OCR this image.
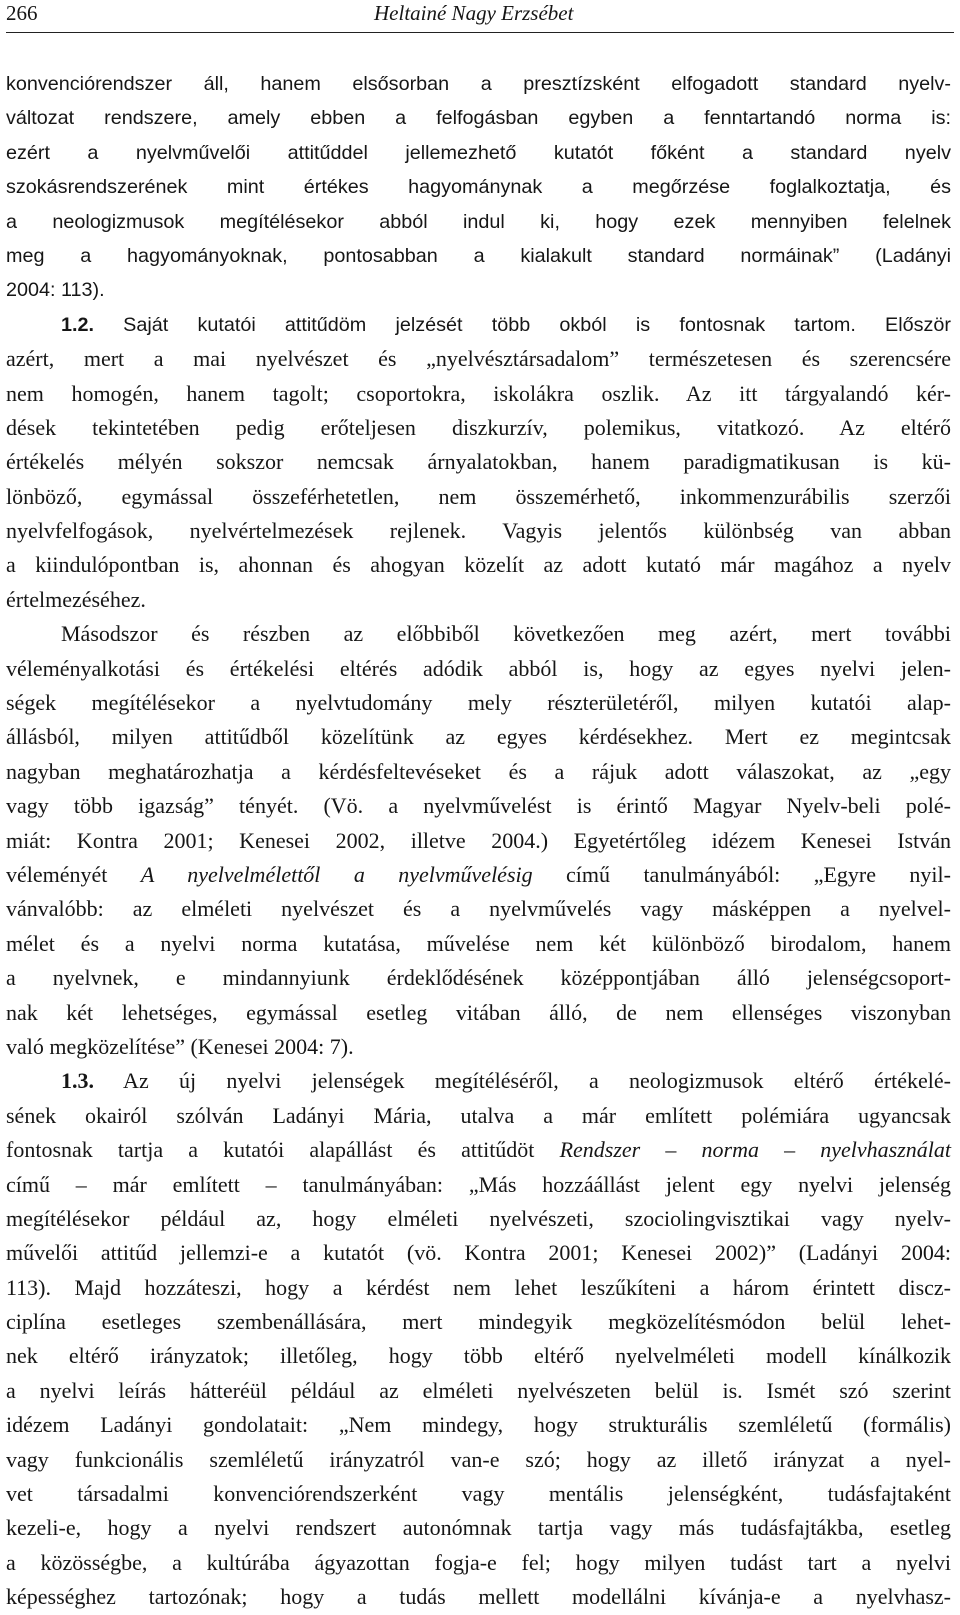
266	Heltainé Nagy Erzsébet
konvenciórendszer áll, hanem elsősorban a presztízsként elfogadott standard nyelv-
változat rendszere, amely ebben a felfogásban egyben a fenntartandó norma is:
ezért a nyelvművelői attitűddel jellemezhető kutatót főként a standard nyelv
szokásrendszerének mint értékes hagyománynak a megőrzése foglalkoztatja, és
a neologizmusok megítélésekor abból indul ki, hogy ezek mennyiben felelnek
meg a hagyományoknak, pontosabban a kialakult standard normáinak” (Ladányi
2004: 113).
1.2. Saját kutatói attitűdöm jelzését több okból is fontosnak tartom. Először
azért, mert a mai nyelvészet és „nyelvésztársadalom” természetesen és szerencsére
nem homogén, hanem tagolt; csoportokra, iskolákra oszlik. Az itt tárgyalandó kér-
dések tekintetében pedig erőteljesen diszkurzív, polemikus, vitatkozó. Az eltérő
értékelés mélyén sokszor nemcsak árnyalatokban, hanem paradigmatikusan is kü-
lönböző, egymással összeférhetetlen, nem összemérhető, inkommenzurábilis szerzői
nyelvfelfogások, nyelvértelmezések rejlenek. Vagyis jelentős különbség van abban
a kiindulópontban is, ahonnan és ahogyan közelít az adott kutató már magához a nyelv
értelmezéséhez.
Másodszor és részben az előbbiből következően meg azért, mert további
véleményalkotási és értékelési eltérés adódik abból is, hogy az egyes nyelvi jelen-
ségek megítélésekor a nyelvtudomány mely részterületéről, milyen kutatói alap-
állásból, milyen attitűdből közelítünk az egyes kérdésekhez. Mert ez megintcsak
nagyban meghatározhatja a kérdésfeltevéseket és a rájuk adott válaszokat, az „egy
vagy több igazság” tényét. (Vö. a nyelvművelést is érintő Magyar Nyelv-beli polé-
miát: Kontra 2001; Kenesei 2002, illetve 2004.) Egyetértőleg idézem Kenesei István
véleményét A nyelvelmélettől a nyelvművelésig című tanulmányából: „Egyre nyil-
vánvalóbb: az elméleti nyelvészet és a nyelvművelés vagy másképpen a nyelvel-
mélet és a nyelvi norma kutatása, művelése nem két különböző birodalom, hanem
a nyelvnek, e mindannyiunk érdeklődésének középpontjában álló jelenségcsoport-
nak két lehetséges, egymással esetleg vitában álló, de nem ellenséges viszonyban
való megközelítése” (Kenesei 2004: 7).
1.3. Az új nyelvi jelenségek megítéléséről, a neologizmusok eltérő értékelé-
sének okairól szólván Ladányi Mária, utalva a már említett polémiára ugyancsak
fontosnak tartja a kutatói alapállást és attitűdöt Rendszer – norma – nyelvhasználat
című – már említett – tanulmányában: „Más hozzáállást jelent egy nyelvi jelenség
megítélésekor például az, hogy elméleti nyelvészeti, szociolingvisztikai vagy nyelv-
művelői attitűd jellemzi-e a kutatót (vö. Kontra 2001; Kenesei 2002)” (Ladányi 2004:
113). Majd hozzáteszi, hogy a kérdést nem lehet leszűkíteni a három érintett discz-
ciplína esetleges szembenállására, mert mindegyik megközelítésmódon belül lehet-
nek eltérő irányzatok; illetőleg, hogy több eltérő nyelvelméleti modell kínálkozik
a nyelvi leírás hátteréül például az elméleti nyelvészeten belül is. Ismét szó szerint
idézem Ladányi gondolatait: „Nem mindegy, hogy strukturális szemléletű (formális)
vagy funkcionális szemléletű irányzatról van-e szó; hogy az illető irányzat a nyel-
vet társadalmi konvenciórendszerként vagy mentális jelenségként, tudásfajtaként
kezeli-e, hogy a nyelvi rendszert autonómnak tartja vagy más tudásfajtákba, esetleg
a közösségbe, a kultúrába ágyazottan fogja-e fel; hogy milyen tudást tart a nyelvi
képességhez tartozónak; hogy a tudás mellett modellálni kívánja-e a nyelvhasz-
